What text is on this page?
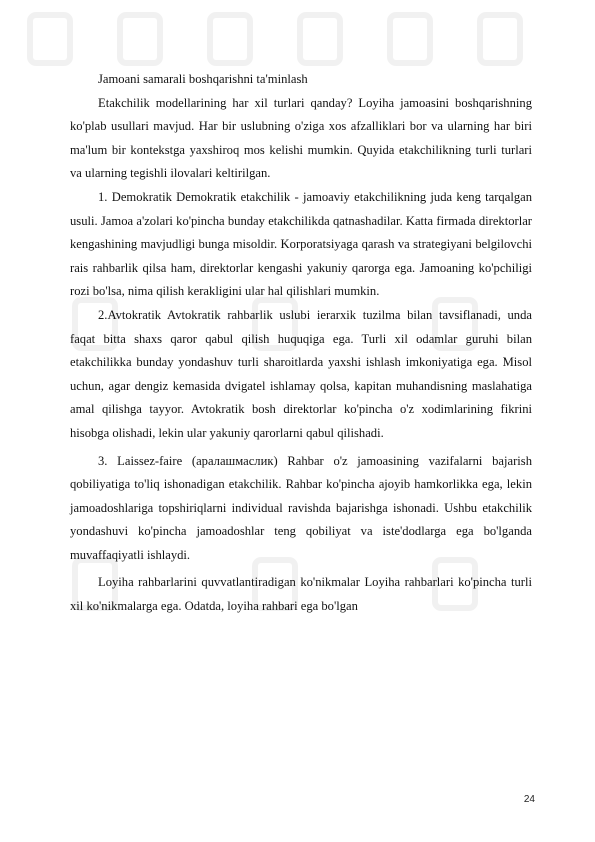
Jamoani samarali boshqarishni ta'minlash

Etakchilik modellarining har xil turlari qanday? Loyiha jamoasini boshqarishning ko'plab usullari mavjud. Har bir uslubning o'ziga xos afzalliklari bor va ularning har biri ma'lum bir kontekstga yaxshiroq mos kelishi mumkin. Quyida etakchilikning turli turlari va ularning tegishli ilovalari keltirilgan.

1. Demokratik Demokratik etakchilik - jamoaviy etakchilikning juda keng tarqalgan usuli. Jamoa a'zolari ko'pincha bunday etakchilikda qatnashadilar. Katta firmada direktorlar kengashining mavjudligi bunga misoldir. Korporatsiyaga qarash va strategiyani belgilovchi rais rahbarlik qilsa ham, direktorlar kengashi yakuniy qarorga ega. Jamoaning ko'pchiligi rozi bo'lsa, nima qilish kerakligini ular hal qilishlari mumkin.

2.Avtokratik Avtokratik rahbarlik uslubi ierarxik tuzilma bilan tavsiflanadi, unda faqat bitta shaxs qaror qabul qilish huquqiga ega. Turli xil odamlar guruhi bilan etakchilikka bunday yondashuv turli sharoitlarda yaxshi ishlash imkoniyatiga ega. Misol uchun, agar dengiz kemasida dvigatel ishlamay qolsa, kapitan muhandisning maslahatiga amal qilishga tayyor. Avtokratik bosh direktorlar ko'pincha o'z xodimlarining fikrini hisobga olishadi, lekin ular yakuniy qarorlarni qabul qilishadi.

3. Laissez-faire (аралашмаслик) Rahbar o'z jamoasining vazifalarni bajarish qobiliyatiga to'liq ishonadigan etakchilik. Rahbar ko'pincha ajoyib hamkorlikka ega, lekin jamoadoshlariga topshiriqlarni individual ravishda bajarishga ishonadi. Ushbu etakchilik yondashuvi ko'pincha jamoadoshlar teng qobiliyat va iste'dodlarga ega bo'lganda muvaffaqiyatli ishlaydi.

Loyiha rahbarlarini quvvatlantiradigan ko'nikmalar Loyiha rahbarlari ko'pincha turli xil ko'nikmalarga ega. Odatda, loyiha rahbari ega bo'lgan

24
